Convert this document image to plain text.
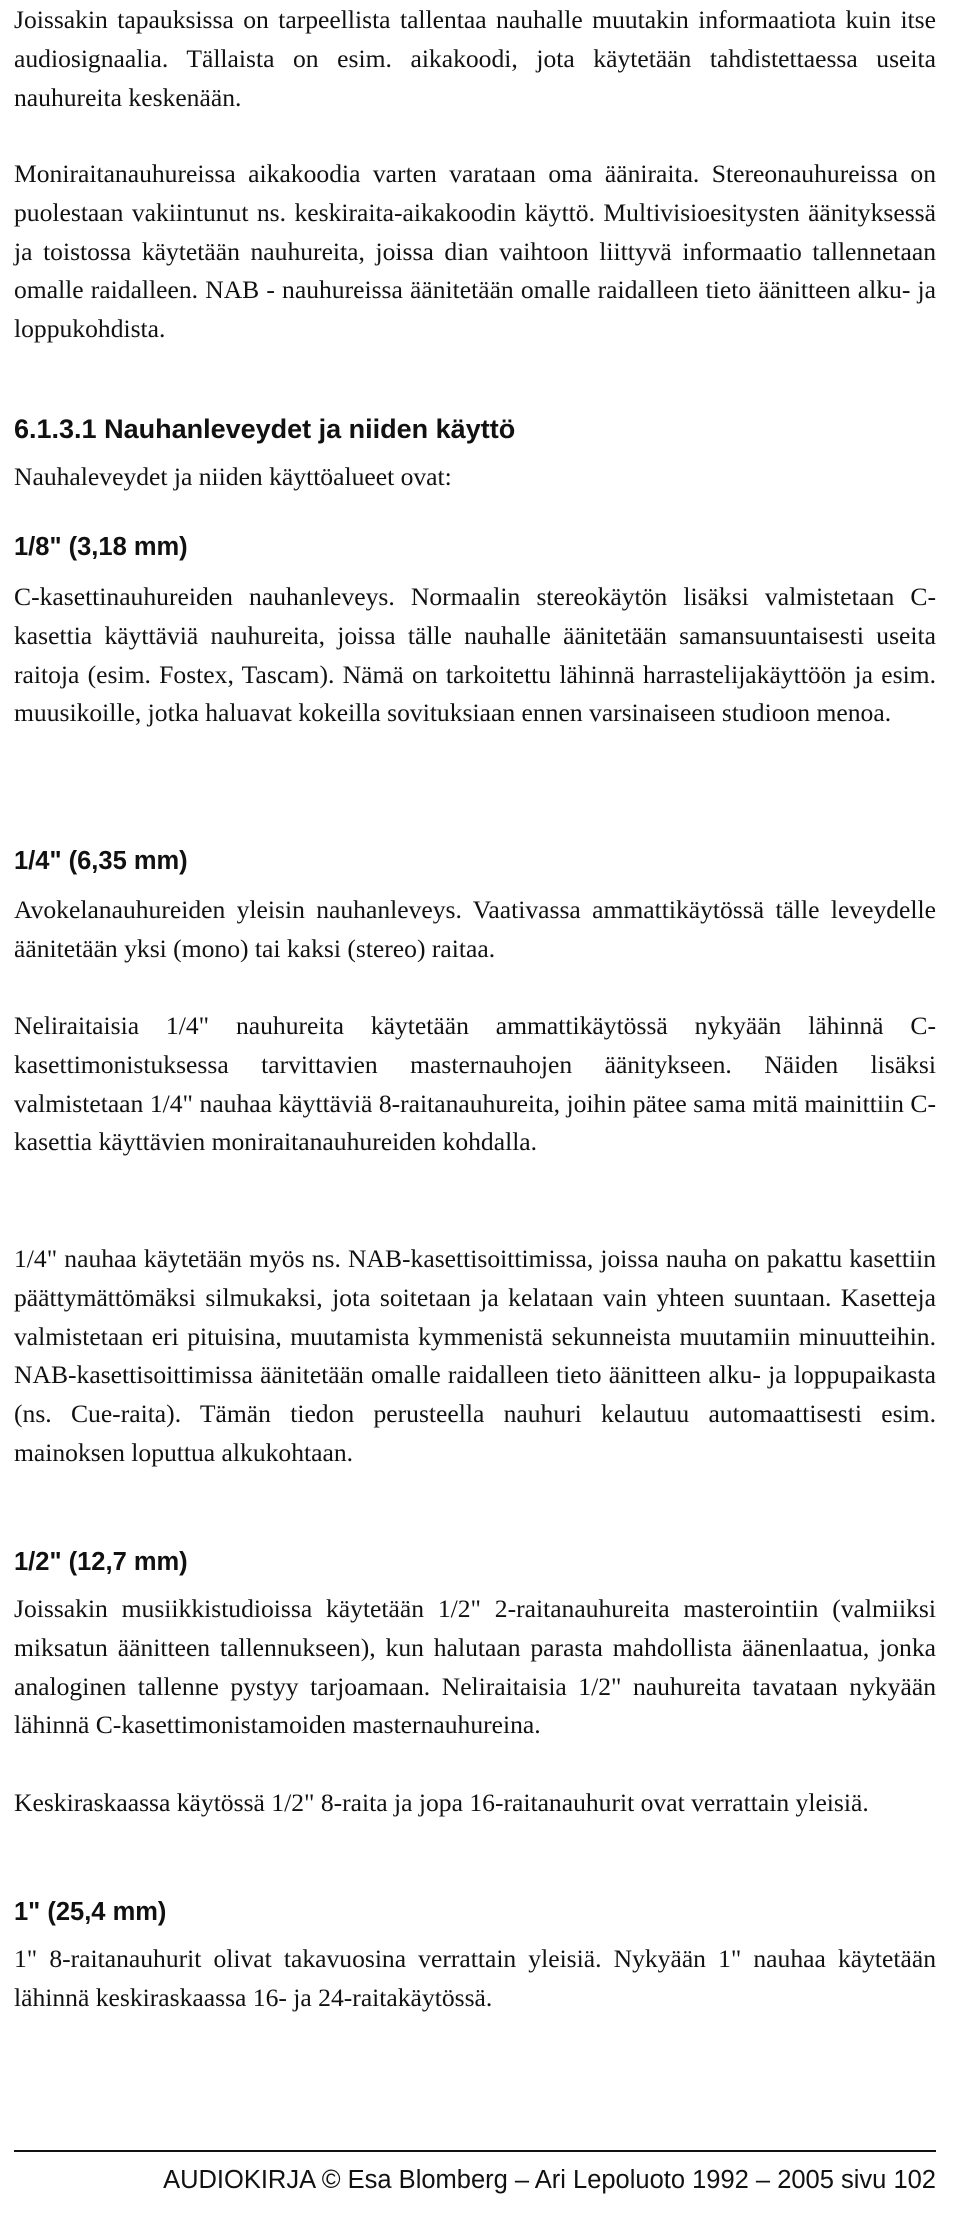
Joissakin tapauksissa on tarpeellista tallentaa nauhalle muutakin informaatiota kuin itse audiosignaalia. Tällaista on esim. aikakoodi, jota käytetään tahdistettaessa useita nauhureita keskenään.

Moniraitanauhureissa aikakoodia varten varataan oma ääniraita. Stereonauhureissa on puolestaan vakiintunut ns. keskiraita-aikakoodin käyttö. Multivisioesitysten äänityksessä ja toistossa käytetään nauhureita, joissa dian vaihtoon liittyvä informaatio tallennetaan omalle raidalleen. NAB - nauhureissa äänitetään omalle raidalleen tieto äänitteen alku- ja loppukohdista.

6.1.3.1 Nauhanleveydet ja niiden käyttö

Nauhaleveydet ja niiden käyttöalueet ovat:

1/8" (3,18 mm)

C-kasettinauhureiden nauhanleveys. Normaalin stereokäytön lisäksi valmistetaan C-kasettia käyttäviä nauhureita, joissa tälle nauhalle äänitetään samansuuntaisesti useita raitoja (esim. Fostex, Tascam). Nämä on tarkoitettu lähinnä harrastelijakäyttöön ja esim. muusikoille, jotka haluavat kokeilla sovituksiaan ennen varsinaiseen studioon menoa.

1/4" (6,35 mm)

Avokelanauhureiden yleisin nauhanleveys. Vaativassa ammattikäytössä tälle leveydelle äänitetään yksi (mono) tai kaksi (stereo) raitaa.

Neliraitaisia 1/4" nauhureita käytetään ammattikäytössä nykyään lähinnä C-kasettimonistuksessa tarvittavien masternauhojen äänitykseen. Näiden lisäksi valmistetaan 1/4" nauhaa käyttäviä 8-raitanauhureita, joihin pätee sama mitä mainittiin C-kasettia käyttävien moniraitanauhureiden kohdalla.

1/4" nauhaa käytetään myös ns. NAB-kasettisoittimissa, joissa nauha on pakattu kasettiin päättymättömäksi silmukaksi, jota soitetaan ja kelataan vain yhteen suuntaan. Kasetteja valmistetaan eri pituisina, muutamista kymmenistä sekunneista muutamiin minuutteihin. NAB-kasettisoittimissa äänitetään omalle raidalleen tieto äänitteen alku- ja loppupaikasta (ns. Cue-raita). Tämän tiedon perusteella nauhuri kelautuu automaattisesti esim. mainoksen loputtua alkukohtaan.

1/2" (12,7 mm)

Joissakin musiikkistudioissa käytetään 1/2" 2-raitanauhureita masterointiin (valmiiksi miksatun äänitteen tallennukseen), kun halutaan parasta mahdollista äänenlaatua, jonka analoginen tallenne pystyy tarjoamaan. Neliraitaisia 1/2" nauhureita tavataan nykyään lähinnä C-kasettimonistamoiden masternauhureina.

Keskiraskaassa käytössä 1/2" 8-raita ja jopa 16-raitanauhurit ovat verrattain yleisiä.

1" (25,4 mm)

1" 8-raitanauhurit olivat takavuosina verrattain yleisiä. Nykyään 1" nauhaa käytetään lähinnä keskiraskaassa 16- ja 24-raitakäytössä.

AUDIOKIRJA © Esa Blomberg – Ari Lepoluoto 1992 – 2005 sivu 102
